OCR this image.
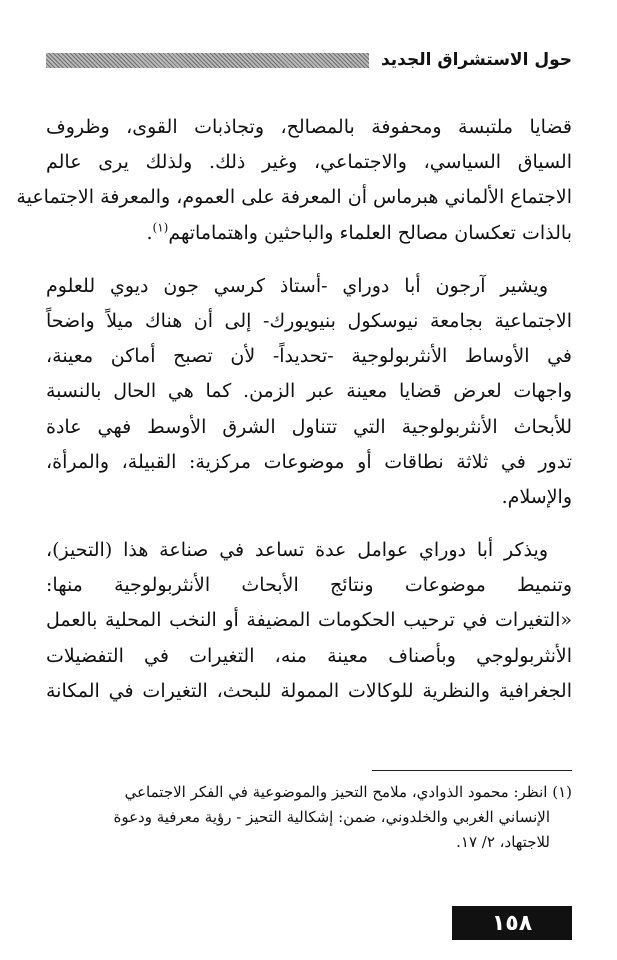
حول الاستشراق الجديد
قضايا ملتبسة ومحفوفة بالمصالح، وتجاذبات القوى، وظروف
السياق السياسي، والاجتماعي، وغير ذلك. ولذلك يرى عالم
الاجتماع الألماني هبرماس أن المعرفة على العموم، والمعرفة الاجتماعية
بالذات تعكسان مصالح العلماء والباحثين واهتماماتهم$^{(١)}$.
ويشير آرجون أبا دوراي -أستاذ كرسي جون ديوي للعلوم
الاجتماعية بجامعة نيوسكول بنيويورك- إلى أن هناك ميلاً واضحاً
في الأوساط الأنثربولوجية -تحديداً- لأن تصبح أماكن معينة،
واجهات لعرض قضايا معينة عبر الزمن. كما هي الحال بالنسبة
للأبحاث الأنثربولوجية التي تتناول الشرق الأوسط فهي عادة
تدور في ثلاثة نطاقات أو موضوعات مركزية: القبيلة، والمرأة،
والإسلام.
ويذكر أبا دوراي عوامل عدة تساعد في صناعة هذا (التحيز)،
وتنميط موضوعات ونتائج الأبحاث الأنثربولوجية منها:
«التغيرات في ترحيب الحكومات المضيفة أو النخب المحلية بالعمل
الأنثربولوجي وبأصناف معينة منه، التغيرات في التفضيلات
الجغرافية والنظرية للوكالات الممولة للبحث، التغيرات في المكانة
(١) انظر: محمود الذوادي، ملامح التحيز والموضوعية في الفكر الاجتماعي
الإنساني الغربي والخلدوني، ضمن: إشكالية التحيز - رؤية معرفية ودعوة
للاجتهاد، ٢/ ١٧.
١٥٨
